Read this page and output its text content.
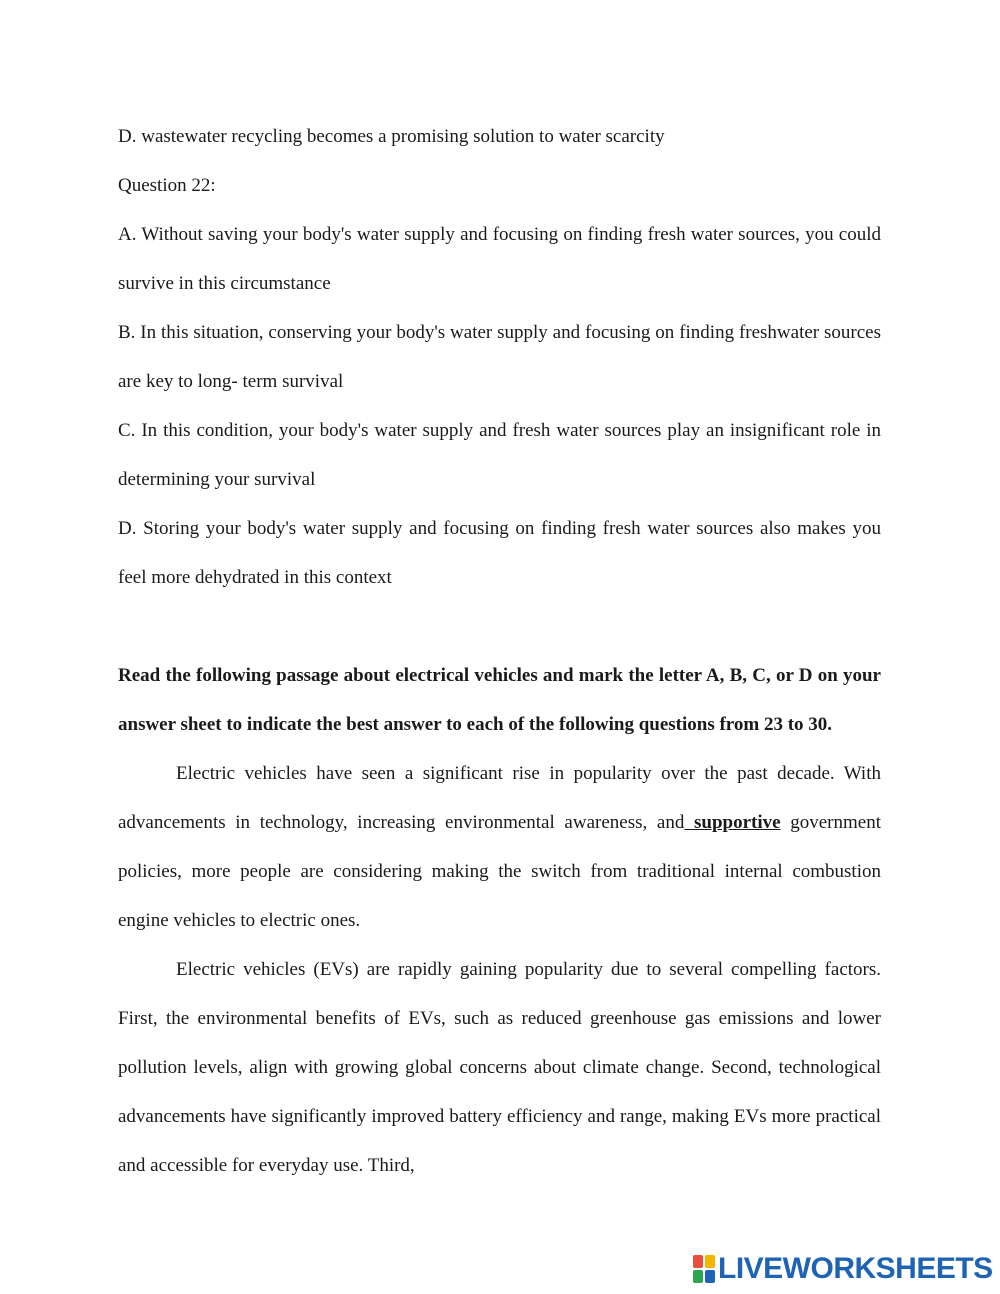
D. wastewater recycling becomes a promising solution to water scarcity

Question 22:

A. Without saving your body's water supply and focusing on finding fresh water sources, you could survive in this circumstance

B. In this situation, conserving your body's water supply and focusing on finding freshwater sources are key to long- term survival

C. In this condition, your body's water supply and fresh water sources play an insignificant role in determining your survival

D. Storing your body's water supply and focusing on finding fresh water sources also makes you feel more dehydrated in this context

Read the following passage about electrical vehicles and mark the letter A, B, C, or D on your answer sheet to indicate the best answer to each of the following questions from 23 to 30.

Electric vehicles have seen a significant rise in popularity over the past decade. With advancements in technology, increasing environmental awareness, and supportive government policies, more people are considering making the switch from traditional internal combustion engine vehicles to electric ones.

Electric vehicles (EVs) are rapidly gaining popularity due to several compelling factors. First, the environmental benefits of EVs, such as reduced greenhouse gas emissions and lower pollution levels, align with growing global concerns about climate change. Second, technological advancements have significantly improved battery efficiency and range, making EVs more practical and accessible for everyday use. Third,

LIVEWORKSHEETS
